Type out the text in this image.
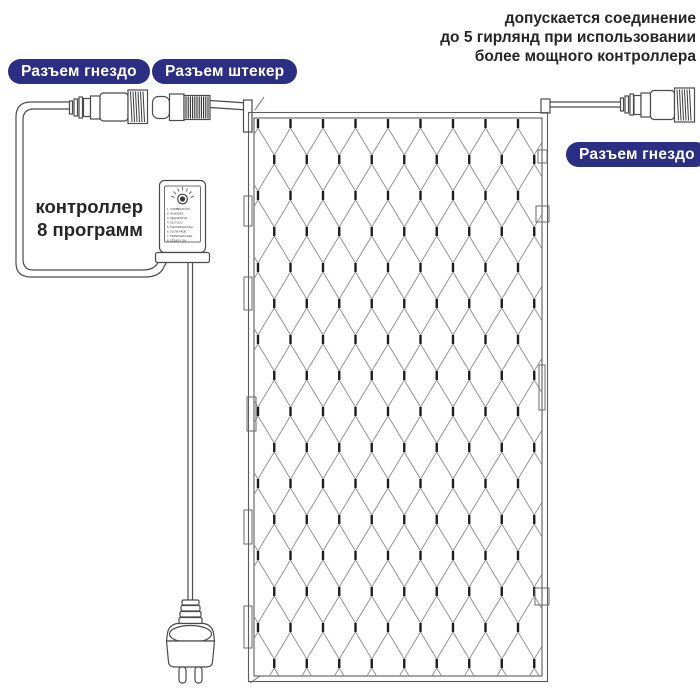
1. COMBINATION
2. IN WAVES
3. SEQUENTIAL
4. SLO GLO
5. CHASING/FLASH
6. SLOW FADE
7. TWINKLE/FLASH
8. STEADY ON
Разъем гнездо	Разъем штекер
Разъем гнездо
допускается соединение
до 5 гирлянд при использовании
более мощного контроллера
контроллер
8 программ
